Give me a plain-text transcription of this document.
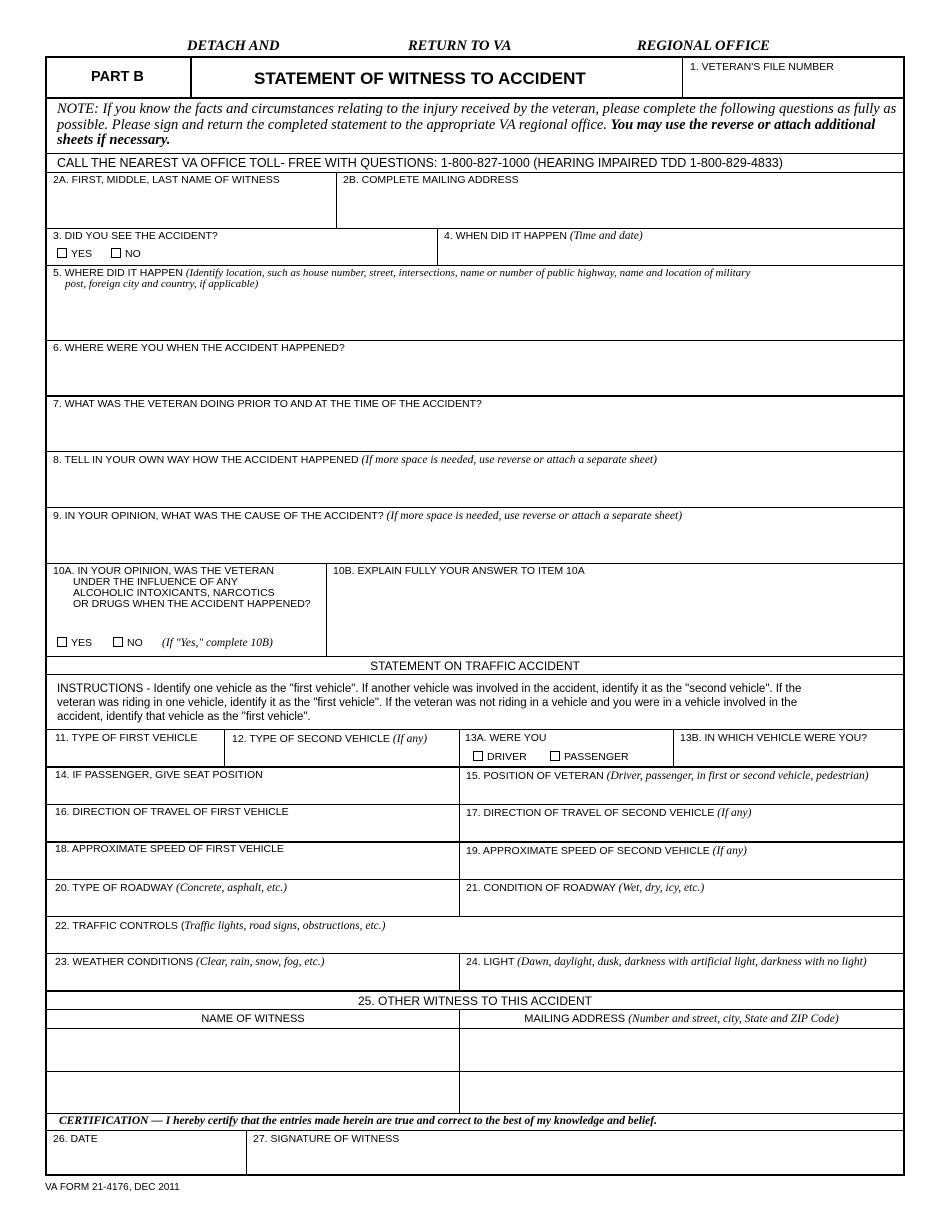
DETACH AND	RETURN TO VA	REGIONAL OFFICE
PART B	STATEMENT OF WITNESS TO ACCIDENT
1. VETERAN'S FILE NUMBER
NOTE: If you know the facts and circumstances relating to the injury received by the veteran, please complete the following questions as fully as possible. Please sign and return the completed statement to the appropriate VA regional office. You may use the reverse or attach additional sheets if necessary.
CALL THE NEAREST VA OFFICE TOLL- FREE WITH QUESTIONS: 1-800-827-1000 (HEARING IMPAIRED TDD 1-800-829-4833)
2A. FIRST, MIDDLE, LAST NAME OF WITNESS	2B. COMPLETE MAILING ADDRESS
3. DID YOU SEE THE ACCIDENT?
YES	NO
4. WHEN DID IT HAPPEN (Time and date)
5. WHERE DID IT HAPPEN (Identify location, such as house number, street, intersections, name or number of public highway, name and location of military
post, foreign city and country, if applicable)
6. WHERE WERE YOU WHEN THE ACCIDENT HAPPENED?
7. WHAT WAS THE VETERAN DOING PRIOR TO AND AT THE TIME OF THE ACCIDENT?
8. TELL IN YOUR OWN WAY HOW THE ACCIDENT HAPPENED (If more space is needed, use reverse or attach a separate sheet)
9. IN YOUR OPINION, WHAT WAS THE CAUSE OF THE ACCIDENT? (If more space is needed, use reverse or attach a separate sheet)
10A. IN YOUR OPINION, WAS THE VETERAN
UNDER THE INFLUENCE OF ANY
ALCOHOLIC INTOXICANTS, NARCOTICS
OR DRUGS WHEN THE ACCIDENT HAPPENED?
YES	NO (If "Yes," complete 10B)
10B. EXPLAIN FULLY YOUR ANSWER TO ITEM 10A
STATEMENT ON TRAFFIC ACCIDENT
INSTRUCTIONS - Identify one vehicle as the "first vehicle". If another vehicle was involved in the accident, identify it as the "second vehicle". If the
veteran was riding in one vehicle, identify it as the "first vehicle". If the veteran was not riding in a vehicle and you were in a vehicle involved in the
accident, identify that vehicle as the "first vehicle".
11. TYPE OF FIRST VEHICLE	12. TYPE OF SECOND VEHICLE (If any)	13A. WERE YOU
DRIVER	PASSENGER
13B. IN WHICH VEHICLE WERE YOU?
14. IF PASSENGER, GIVE SEAT POSITION	15. POSITION OF VETERAN (Driver, passenger, in first or second vehicle, pedestrian)
16. DIRECTION OF TRAVEL OF FIRST VEHICLE	17. DIRECTION OF TRAVEL OF SECOND VEHICLE (If any)
18. APPROXIMATE SPEED OF FIRST VEHICLE	19. APPROXIMATE SPEED OF SECOND VEHICLE (If any)
20. TYPE OF ROADWAY (Concrete, asphalt, etc.)	21. CONDITION OF ROADWAY (Wet, dry, icy, etc.)
22. TRAFFIC CONTROLS (Traffic lights, road signs, obstructions, etc.)
23. WEATHER CONDITIONS (Clear, rain, snow, fog, etc.)	24. LIGHT (Dawn, daylight, dusk, darkness with artificial light, darkness with no light)
25. OTHER WITNESS TO THIS ACCIDENT
NAME OF WITNESS	MAILING ADDRESS (Number and street, city, State and ZIP Code)
CERTIFICATION — I hereby certify that the entries made herein are true and correct to the best of my knowledge and belief.
26. DATE	27. SIGNATURE OF WITNESS
VA FORM 21-4176, DEC 2011
